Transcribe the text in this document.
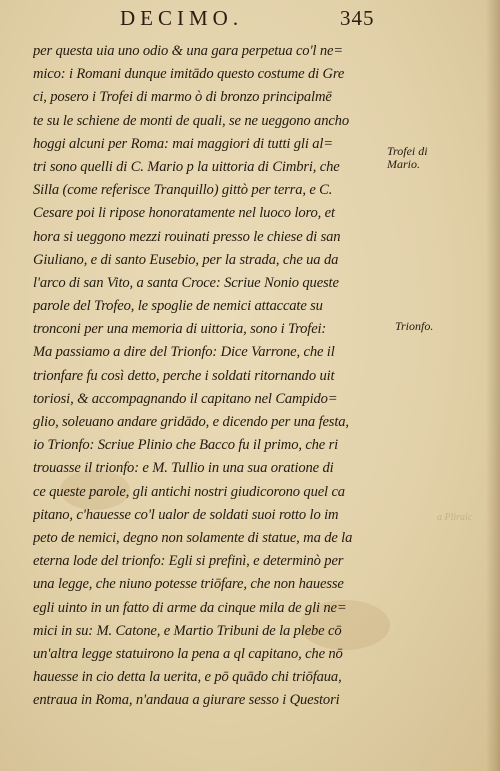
DECIMO.	345
per questa uia uno odio & una gara perpetua co'l ne=
mico: i Romani dunque imitādo questo costume di Gre
ci, posero i Trofei di marmo ò di bronzo principalmē
te su le schiene de monti de quali, se ne ueggono ancho
hoggi alcuni per Roma: mai maggiori di tutti gli al=
tri sono quelli di C. Mario p la uittoria di Cimbri, che
Silla (come referisce Tranquillo) gittò per terra, e C.
Cesare poi li ripose honoratamente nel luoco loro, et
hora si ueggono mezzi rouinati presso le chiese di san
Giuliano, e di santo Eusebio, per la strada, che ua da
l'arco di san Vito, a santa Croce: Scriue Nonio queste
parole del Trofeo, le spoglie de nemici attaccate su
tronconi per una memoria di uittoria, sono i Trofei:
Ma passiamo a dire del Trionfo: Dice Varrone, che il
trionfare fu così detto, perche i soldati ritornando uit
toriosi, & accompagnando il capitano nel Campido=
glio, soleuano andare gridādo, e dicendo per una festa,
io Trionfo: Scriue Plinio che Bacco fu il primo, che ri
trouasse il trionfo: e M. Tullio in una sua oratione di
ce queste parole, gli antichi nostri giudicorono quel ca
pitano, c'hauesse co'l ualor de soldati suoi rotto lo im
peto de nemici, degno non solamente di statue, ma de la
eterna lode del trionfo: Egli si prefinì, e determinò per
una legge, che niuno potesse triōfare, che non hauesse
egli uinto in un fatto di arme da cinque mila de gli ne=
mici in su: M. Catone, e Martio Tribuni de la plebe cō
un'altra legge statuirono la pena a ql capitano, che nō
hauesse in cio detta la uerita, e pō quādo chi triōfaua,
entraua in Roma, n'andaua a giurare sesso i Questori
Trofei di
Mario.
Trionfo.
a Pliraic
